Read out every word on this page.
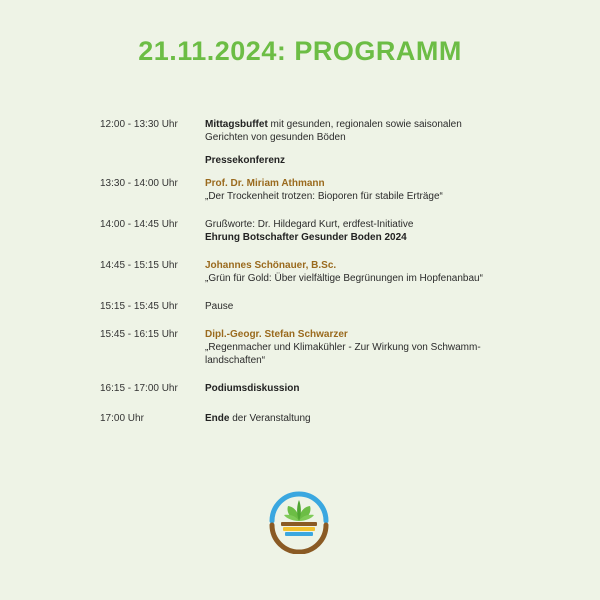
21.11.2024: PROGRAMM
12:00 - 13:30 Uhr	Mittagsbuffet mit gesunden, regionalen sowie saisonalen
Gerichten von gesunden Böden
Pressekonferenz
13:30 - 14:00 Uhr	Prof. Dr. Miriam Athmann
„Der Trockenheit trotzen: Bioporen für stabile Erträge“
14:00 - 14:45 Uhr	Grußworte: Dr. Hildegard Kurt, erdfest-Initiative
Ehrung Botschafter Gesunder Boden 2024
14:45 - 15:15 Uhr	Johannes Schönauer, B.Sc.
„Grün für Gold: Über vielfältige Begrünungen im Hopfenanbau“
15:15 - 15:45 Uhr	Pause
15:45 - 16:15 Uhr	Dipl.-Geogr. Stefan Schwarzer
„Regenmacher und Klimakühler - Zur Wirkung von Schwamm-
landschaften“
16:15 - 17:00 Uhr	Podiumsdiskussion
17:00 Uhr	Ende der Veranstaltung
